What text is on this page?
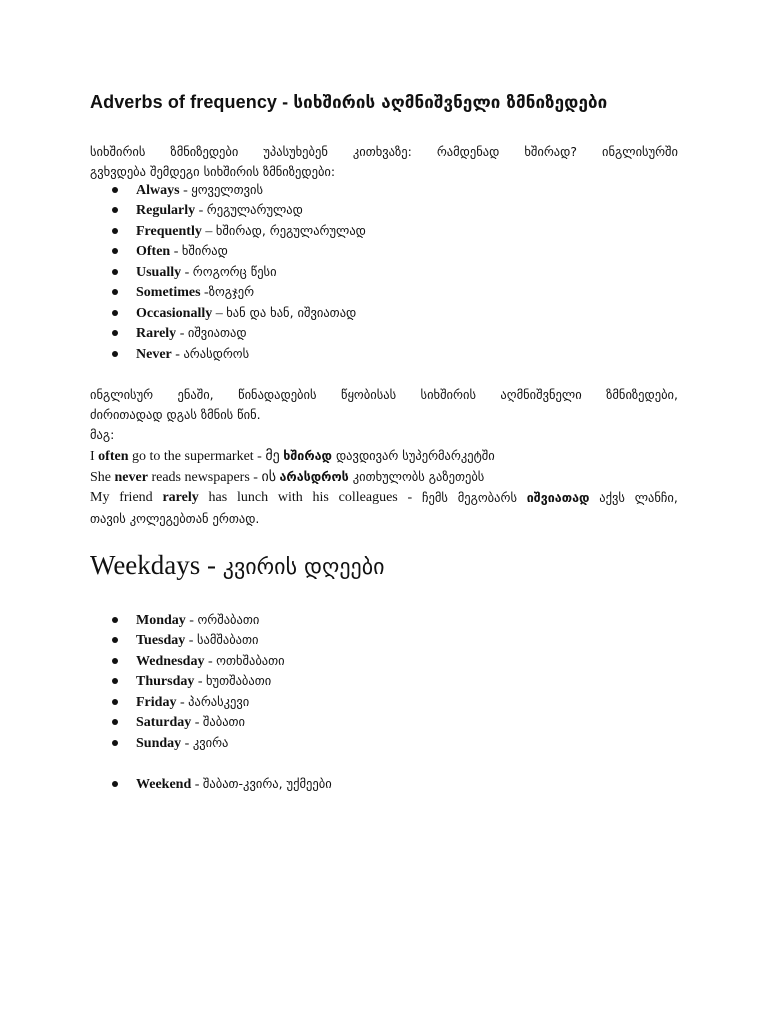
Adverbs of frequency - სიხშირის აღმნიშვნელი ზმნიზედები
სიხშირის ზმნიზედები უპასუხებენ კითხვაზე: რამდენად ხშირად? ინგლისურში
გვხვდება შემდეგი სიხშირის ზმნიზედები:
Always - ყოველთვის
Regularly - რეგულარულად
Frequently – ხშირად, რეგულარულად
Often - ხშირად
Usually - როგორც წესი
Sometimes -ზოგჯერ
Occasionally – ხან და ხან, იშვიათად
Rarely - იშვიათად
Never - არასდროს
ინგლისურ ენაში, წინადადების წყობისას სიხშირის აღმნიშვნელი ზმნიზედები,
ძირითადად დგას ზმნის წინ.
მაგ:
I often go to the supermarket - მე ხშირად დავდივარ სუპერმარკეტში
She never reads newspapers - ის არასდროს კითხულობს გაზეთებს
My friend rarely has lunch with his colleagues - ჩემს მეგობარს იშვიათად აქვს ლანჩი,
თავის კოლეგებთან ერთად.
Weekdays - კვირის დღეები
Monday - ორშაბათი
Tuesday - სამშაბათი
Wednesday - ოთხშაბათი
Thursday - ხუთშაბათი
Friday - პარასკევი
Saturday - შაბათი
Sunday - კვირა
Weekend - შაბათ-კვირა, უქმეები
